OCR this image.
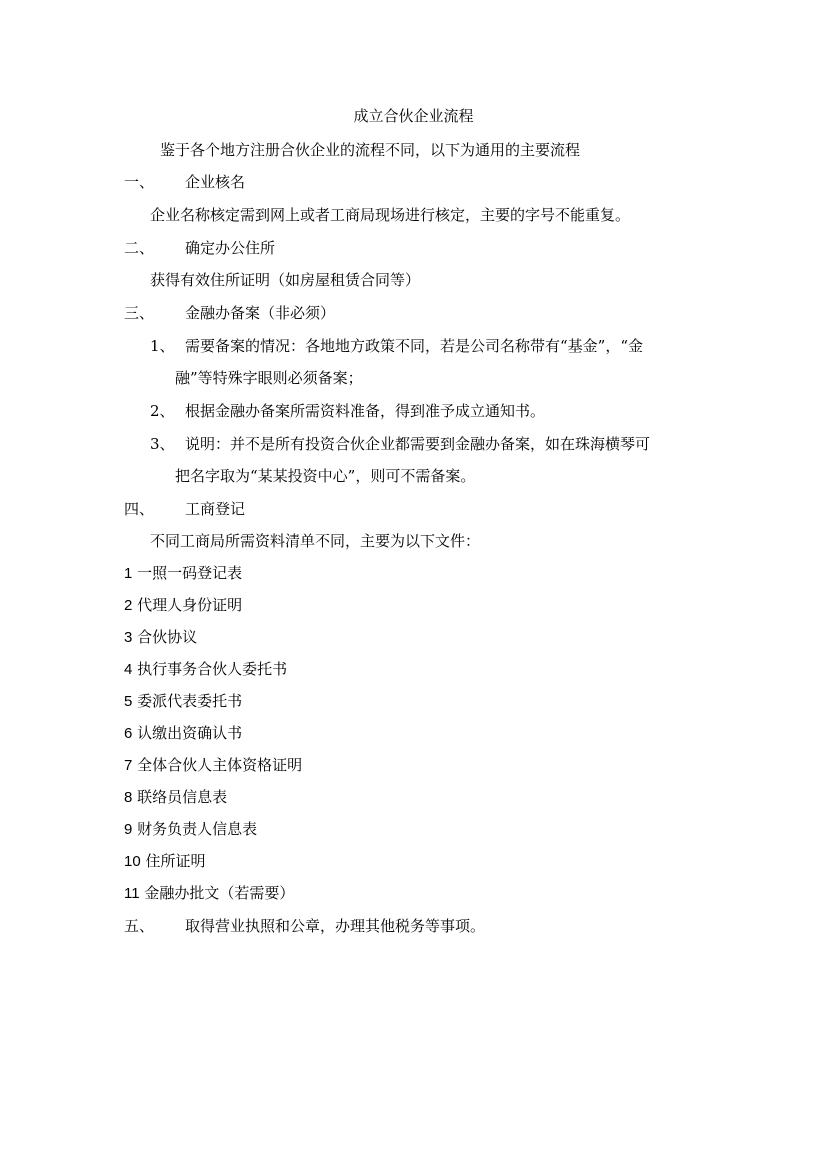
成立合伙企业流程
鉴于各个地方注册合伙企业的流程不同，以下为通用的主要流程
一、 企业核名
企业名称核定需到网上或者工商局现场进行核定，主要的字号不能重复。
二、 确定办公住所
获得有效住所证明（如房屋租赁合同等）
三、 金融办备案（非必须）
1、 需要备案的情况：各地地方政策不同，若是公司名称带有“基金”，“金
融”等特殊字眼则必须备案；
2、 根据金融办备案所需资料准备，得到准予成立通知书。
3、 说明：并不是所有投资合伙企业都需要到金融办备案，如在珠海横琴可
把名字取为“某某投资中心”，则可不需备案。
四、 工商登记
不同工商局所需资料清单不同，主要为以下文件：
1 一照一码登记表
2 代理人身份证明
3 合伙协议
4 执行事务合伙人委托书
5 委派代表委托书
6 认缴出资确认书
7 全体合伙人主体资格证明
8 联络员信息表
9 财务负责人信息表
10 住所证明
11 金融办批文（若需要）
五、 取得营业执照和公章，办理其他税务等事项。
